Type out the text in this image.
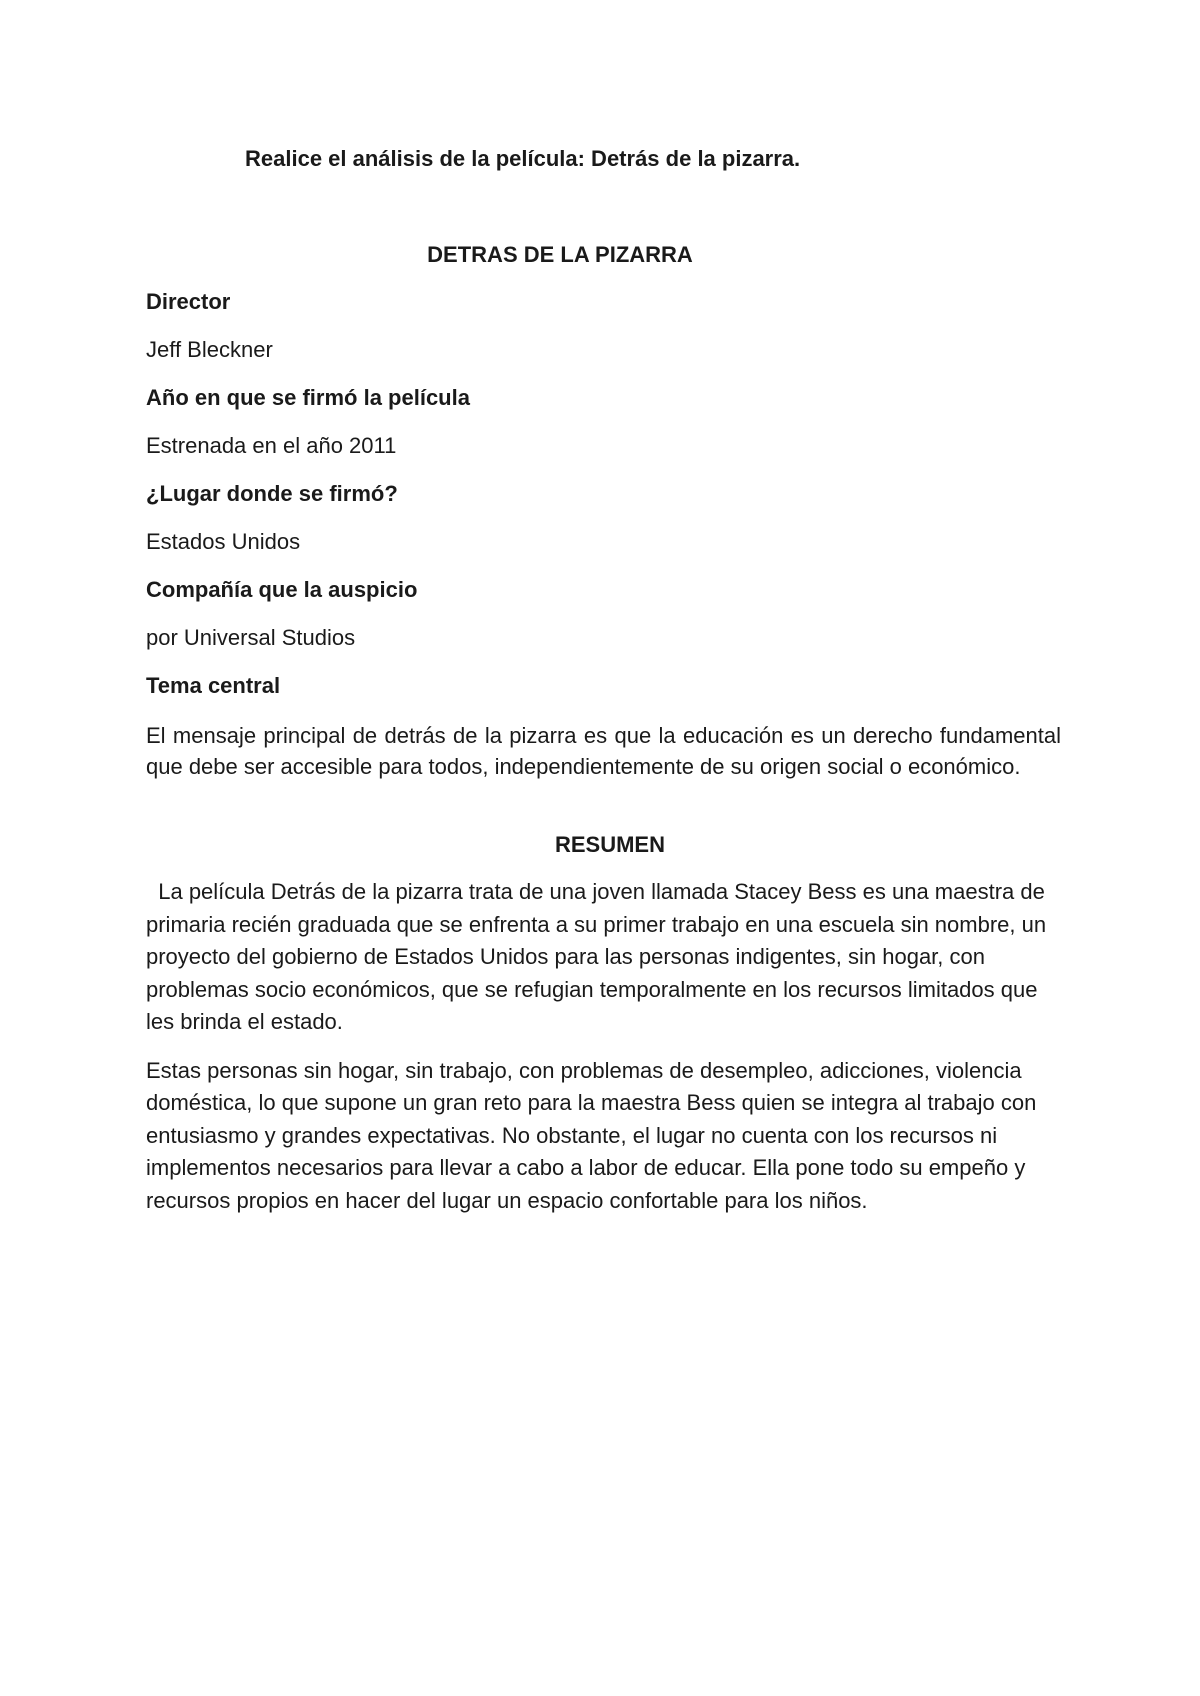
Realice el análisis de la película: Detrás de la pizarra.

DETRAS DE LA PIZARRA

Director

Jeff Bleckner

Año en que se firmó la película

Estrenada en el año 2011

¿Lugar donde se firmó?

Estados Unidos

Compañía que la auspicio

por Universal Studios

Tema central

El mensaje principal de detrás de la pizarra es que la educación es un derecho fundamental que debe ser accesible para todos, independientemente de su origen social o económico.

RESUMEN

La película Detrás de la pizarra trata de una joven llamada Stacey Bess es una maestra de primaria recién graduada que se enfrenta a su primer trabajo en una escuela sin nombre, un proyecto del gobierno de Estados Unidos para las personas indigentes, sin hogar, con problemas socio económicos, que se refugian temporalmente en los recursos limitados que les brinda el estado.

Estas personas sin hogar, sin trabajo, con problemas de desempleo, adicciones, violencia doméstica, lo que supone un gran reto para la maestra Bess quien se integra al trabajo con entusiasmo y grandes expectativas. No obstante, el lugar no cuenta con los recursos ni implementos necesarios para llevar a cabo a labor de educar. Ella pone todo su empeño y recursos propios en hacer del lugar un espacio confortable para los niños.
